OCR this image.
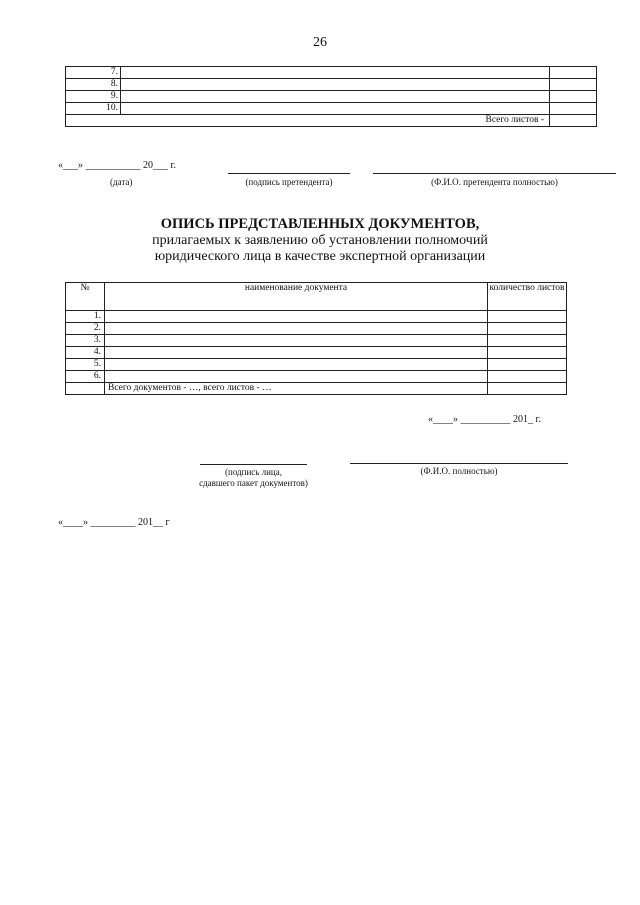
26
7.		
8.		
9.		
10.		
Всего листов -		
«___» ___________ 20___ г.
(дата)	(подпись претендента)	(Ф.И.О. претендента полностью)
ОПИСЬ ПРЕДСТАВЛЕННЫХ ДОКУМЕНТОВ,
прилагаемых к заявлению об установлении полномочий
юридического лица в качестве экспертной организации
№	наименование документа	количество листов
1.		
2.		
3.		
4.		
5.		
6.		
	Всего документов - …, всего листов - …	
«____» __________ 201_ г.
(подпись лица,
сдавшего пакет документов)
(Ф.И.О. полностью)
«____» _________ 201__ г
